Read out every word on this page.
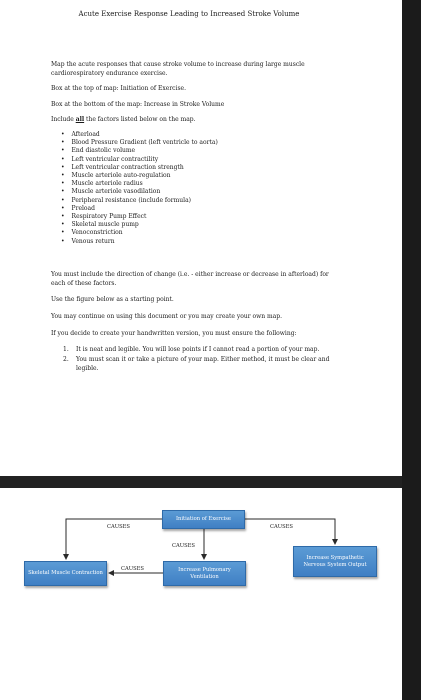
Acute Exercise Response Leading to Increased Stroke Volume
Map the acute responses that cause stroke volume to increase during large muscle cardiorespiratory endurance exercise.
Box at the top of map: Initiation of Exercise.
Box at the bottom of the map: Increase in Stroke Volume
Include all the factors listed below on the map.
• Afterload
• Blood Pressure Gradient (left ventricle to aorta)
• End diastolic volume
• Left ventricular contractility
• Left ventricular contraction strength
• Muscle arteriole auto-regulation
• Muscle arteriole radius
• Muscle arteriole vasodilation
• Peripheral resistance (include formula)
• Preload
• Respiratory Pump Effect
• Skeletal muscle pump
• Venoconstriction
• Venous return
You must include the direction of change (i.e. - either increase or decrease in afterload) for each of these factors.
Use the figure below as a starting point.
You may continue on using this document or you may create your own map.
If you decide to create your handwritten version, you must ensure the following:
1. It is neat and legible. You will lose points if I cannot read a portion of your map.
2. You must scan it or take a picture of your map. Either method, it must be clear and legible.
Initiation of Exercise
Skeletal Muscle Contraction
Increase Pulmonary Ventilation
Increase Sympathetic Nervous System Output
CAUSES	CAUSES
CAUSES
CAUSES
